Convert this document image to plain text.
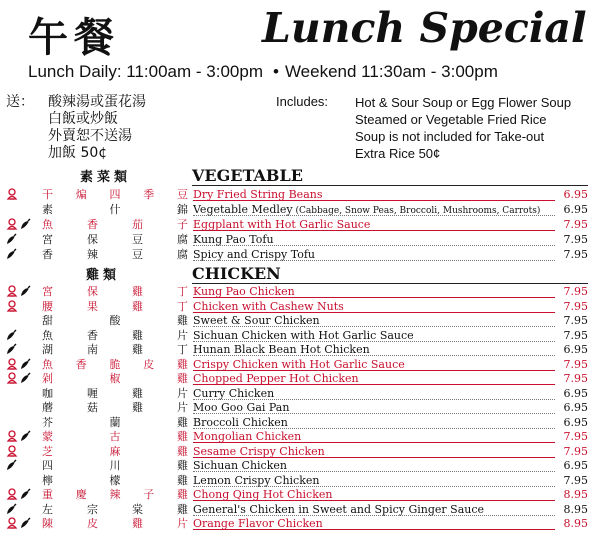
午餐	Lunch Special
Lunch Daily: 11:00am - 3:00pm • Weekend 11:30am - 3:00pm
送：	酸辣湯或蛋花湯
白飯或炒飯
外賣恕不送湯
加飯 50¢
Includes: Hot & Sour Soup or Egg Flower Soup
Steamed or Vegetable Fried Rice
Soup is not included for Take-out
Extra Rice 50¢
素菜類	VEGETABLE
干 煸 四 季 豆 Dry Fried String Beans	6.95
素	什	錦 Vegetable Medley (Cabbage, Snow Peas, Broccoli, Mushrooms, Carrots)	6.95
魚	香	茄	子 Eggplant with Hot Garlic Sauce	7.95
宮	保	豆	腐 Kung Pao Tofu	7.95
香	辣	豆	腐 Spicy and Crispy Tofu	7.95
雞類	CHICKEN
宮	保	雞	丁 Kung Pao Chicken	7.95
腰	果	雞	丁 Chicken with Cashew Nuts	7.95
甜	酸	雞 Sweet & Sour Chicken	7.95
魚	香	雞	片 Sichuan Chicken with Hot Garlic Sauce	7.95
湖	南	雞	丁 Hunan Black Bean Hot Chicken	6.95
魚 香 脆 皮 雞 Crispy Chicken with Hot Garlic Sauce	7.95
剁	椒	雞 Chopped Pepper Hot Chicken	7.95
咖	喱	雞	片 Curry Chicken	6.95
蘑	菇	雞	片 Moo Goo Gai Pan	6.95
芥	蘭	雞 Broccoli Chicken	6.95
蒙	古	雞 Mongolian Chicken	7.95
芝	麻	雞 Sesame Crispy Chicken	7.95
四	川	雞 Sichuan Chicken	6.95
檸	檬	雞 Lemon Crispy Chicken	7.95
重 慶 辣 子 雞 Chong Qing Hot Chicken	8.95
左	宗	棠	雞 General's Chicken in Sweet and Spicy Ginger Sauce	8.95
陳	皮	雞	片 Orange Flavor Chicken	8.95
